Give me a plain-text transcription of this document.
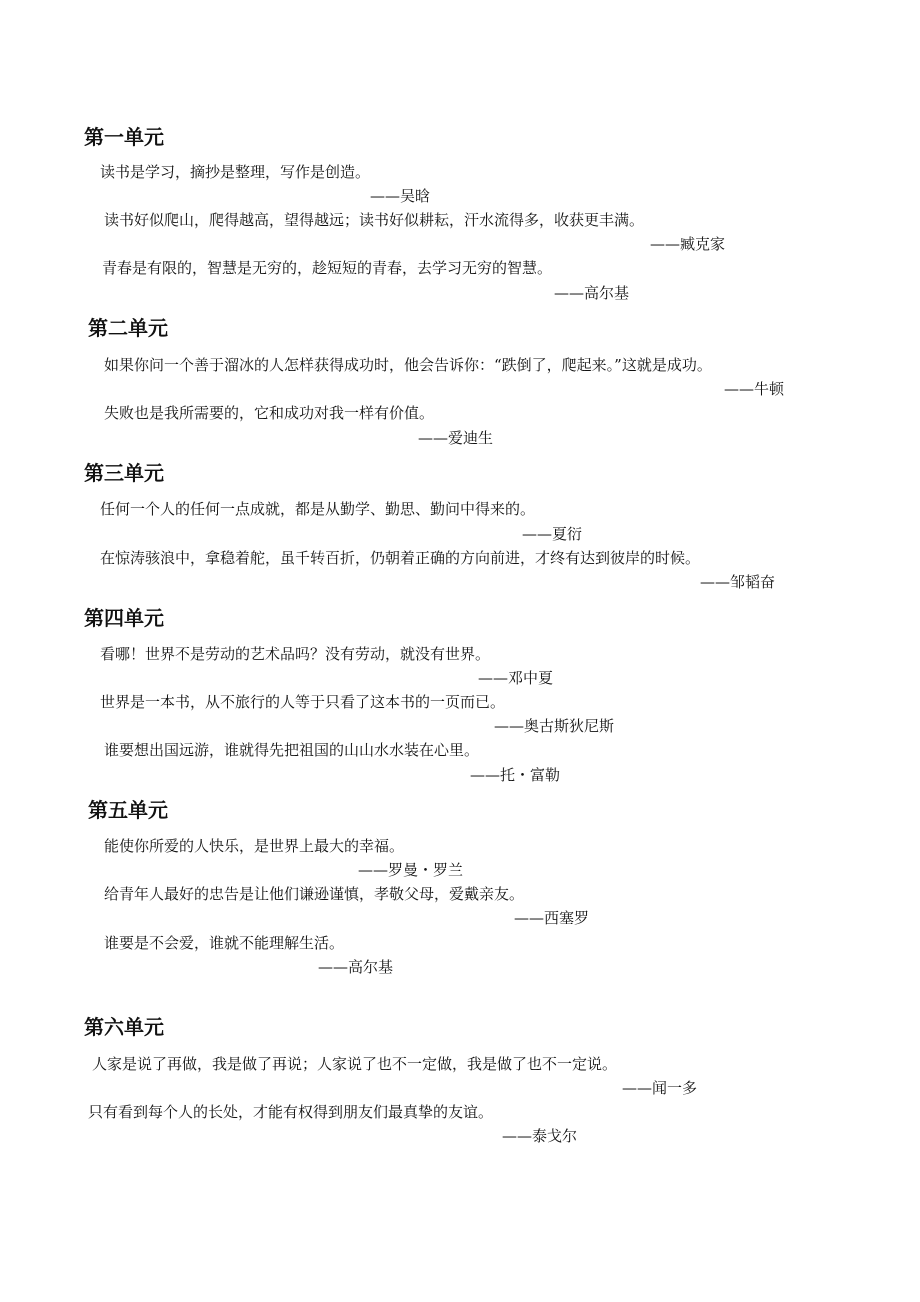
第一单元
读书是学习，摘抄是整理，写作是创造。
——吴晗
读书好似爬山，爬得越高，望得越远；读书好似耕耘，汗水流得多，收获更丰满。
——臧克家
青春是有限的，智慧是无穷的，趁短短的青春，去学习无穷的智慧。
——高尔基
第二单元
如果你问一个善于溜冰的人怎样获得成功时，他会告诉你：“跌倒了，爬起来。”这就是成功。
——牛顿
失败也是我所需要的，它和成功对我一样有价值。
——爱迪生
第三单元
任何一个人的任何一点成就，都是从勤学、勤思、勤问中得来的。
——夏衍
在惊涛骇浪中，拿稳着舵，虽千转百折，仍朝着正确的方向前进，才终有达到彼岸的时候。
——邹韬奋
第四单元
看哪！世界不是劳动的艺术品吗？没有劳动，就没有世界。
——邓中夏
世界是一本书，从不旅行的人等于只看了这本书的一页而已。
——奥古斯狄尼斯
谁要想出国远游，谁就得先把祖国的山山水水装在心里。
——托・富勒
第五单元
能使你所爱的人快乐，是世界上最大的幸福。
——罗曼・罗兰
给青年人最好的忠告是让他们谦逊谨慎，孝敬父母，爱戴亲友。
——西塞罗
谁要是不会爱，谁就不能理解生活。
——高尔基
第六单元
人家是说了再做，我是做了再说；人家说了也不一定做，我是做了也不一定说。
——闻一多
只有看到每个人的长处，才能有权得到朋友们最真挚的友谊。
——泰戈尔
